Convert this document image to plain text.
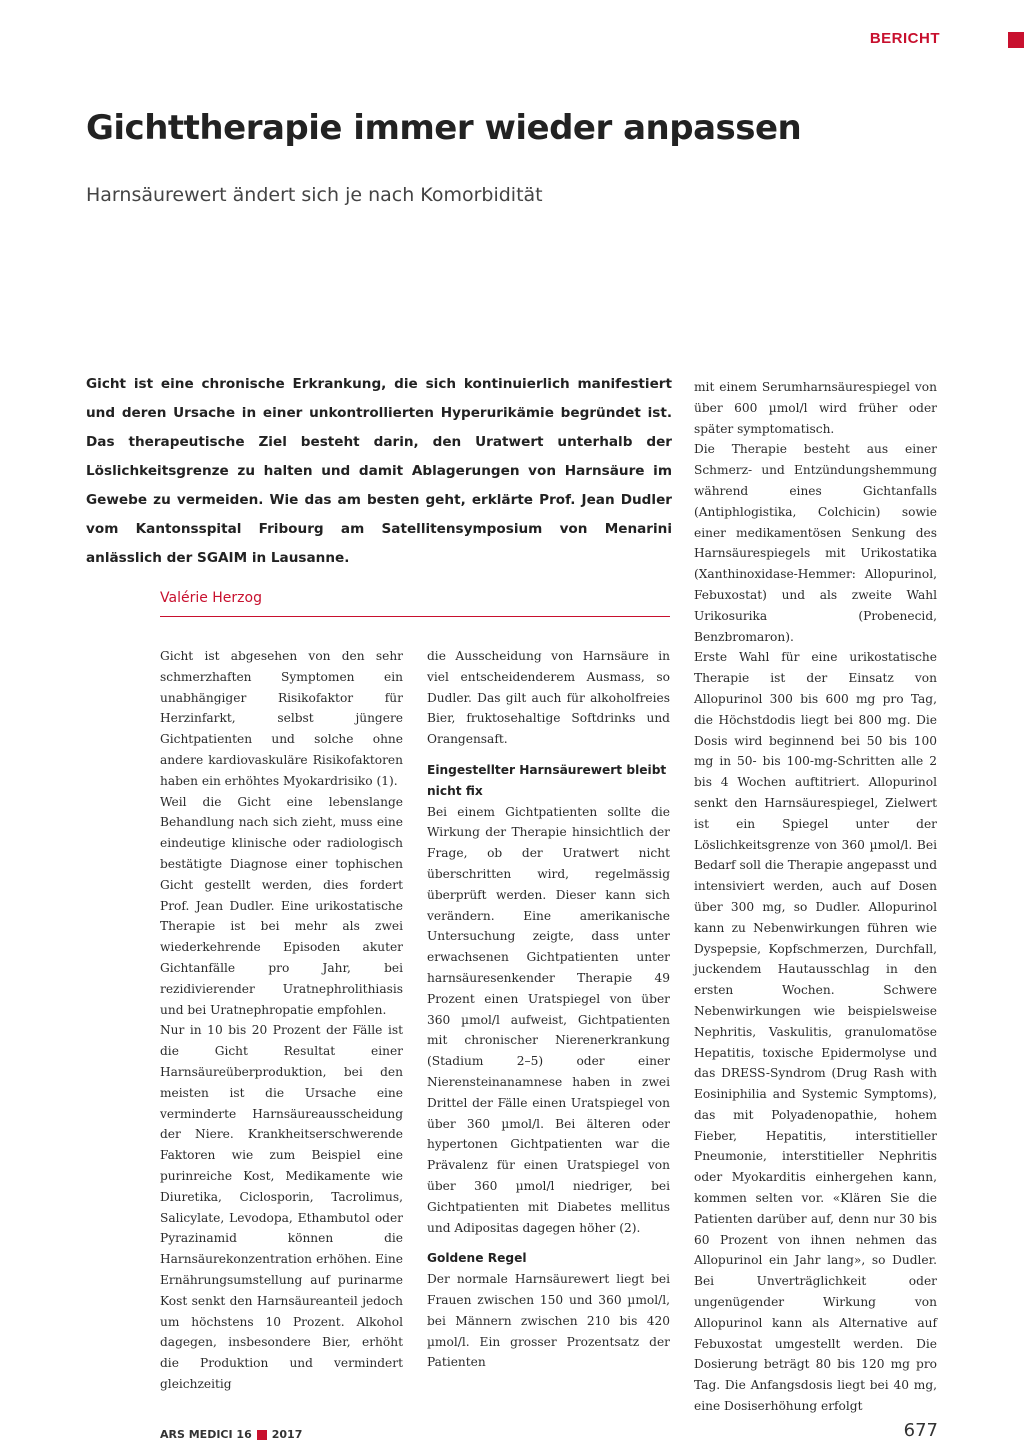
BERICHT
Gichttherapie immer wieder anpassen
Harnsäurewert ändert sich je nach Komorbidität

Gicht ist eine chronische Erkrankung, die sich kontinuierlich manifestiert und deren Ursache in einer unkontrollierten Hyperurikämie begründet ist. Das therapeutische Ziel besteht darin, den Uratwert unterhalb der Löslichkeitsgrenze zu halten und damit Ablagerungen von Harnsäure im Gewebe zu vermeiden. Wie das am besten geht, erklärte Prof. Jean Dudler vom Kantonsspital Fribourg am Satellitensymposium von Menarini anlässlich der SGAIM in Lausanne.

Valérie Herzog

Gicht ist abgesehen von den sehr schmerzhaften Symptomen ein unabhängiger Risikofaktor für Herzinfarkt, selbst jüngere Gichtpatienten und solche ohne andere kardiovaskuläre Risikofaktoren haben ein erhöhtes Myokardrisiko (1).

Weil die Gicht eine lebenslange Behandlung nach sich zieht, muss eine eindeutige klinische oder radiologisch bestätigte Diagnose einer tophischen Gicht gestellt werden, dies fordert Prof. Jean Dudler. Eine urikostatische Therapie ist bei mehr als zwei wiederkehrende Episoden akuter Gichtanfälle pro Jahr, bei rezidivierender Uratnephrolithiasis und bei Uratnephropatie empfohlen.

Nur in 10 bis 20 Prozent der Fälle ist die Gicht Resultat einer Harnsäureüberproduktion, bei den meisten ist die Ursache eine verminderte Harnsäureausscheidung der Niere. Krankheitserschwerende Faktoren wie zum Beispiel eine purinreiche Kost, Medikamente wie Diuretika, Ciclosporin, Tacrolimus, Salicylate, Levodopa, Ethambutol oder Pyrazinamid können die Harnsäurekonzentration erhöhen. Eine Ernährungsumstellung auf purinarme Kost senkt den Harnsäureanteil jedoch um höchstens 10 Prozent. Alkohol dagegen, insbesondere Bier, erhöht die Produktion und vermindert gleichzeitig

die Ausscheidung von Harnsäure in viel entscheidenderem Ausmass, so Dudler. Das gilt auch für alkoholfreies Bier, fruktosehaltige Softdrinks und Orangensaft.

Eingestellter Harnsäurewert bleibt nicht fix

Bei einem Gichtpatienten sollte die Wirkung der Therapie hinsichtlich der Frage, ob der Uratwert nicht überschritten wird, regelmässig überprüft werden. Dieser kann sich verändern. Eine amerikanische Untersuchung zeigte, dass unter erwachsenen Gichtpatienten unter harnsäuresenkender Therapie 49 Prozent einen Uratspiegel von über 360 µmol/l aufweist, Gichtpatienten mit chronischer Nierenerkrankung (Stadium 2–5) oder einer Nierensteinanamnese haben in zwei Drittel der Fälle einen Uratspiegel von über 360 µmol/l. Bei älteren oder hypertonen Gichtpatienten war die Prävalenz für einen Uratspiegel von über 360 µmol/l niedriger, bei Gichtpatienten mit Diabetes mellitus und Adipositas dagegen höher (2).

Goldene Regel

Der normale Harnsäurewert liegt bei Frauen zwischen 150 und 360 µmol/l, bei Männern zwischen 210 bis 420 µmol/l. Ein grosser Prozentsatz der Patienten

mit einem Serumharnsäurespiegel von über 600 µmol/l wird früher oder später symptomatisch.

Die Therapie besteht aus einer Schmerz- und Entzündungshemmung während eines Gichtanfalls (Antiphlogistika, Colchicin) sowie einer medikamentösen Senkung des Harnsäurespiegels mit Urikostatika (Xanthinoxidase-Hemmer: Allopurinol, Febuxostat) und als zweite Wahl Urikosurika (Probenecid, Benzbromaron).

Erste Wahl für eine urikostatische Therapie ist der Einsatz von Allopurinol 300 bis 600 mg pro Tag, die Höchstdodis liegt bei 800 mg. Die Dosis wird beginnend bei 50 bis 100 mg in 50- bis 100-mg-Schritten alle 2 bis 4 Wochen auftitriert. Allopurinol senkt den Harnsäurespiegel, Zielwert ist ein Spiegel unter der Löslichkeitsgrenze von 360 µmol/l. Bei Bedarf soll die Therapie angepasst und intensiviert werden, auch auf Dosen über 300 mg, so Dudler. Allopurinol kann zu Nebenwirkungen führen wie Dyspepsie, Kopfschmerzen, Durchfall, juckendem Hautausschlag in den ersten Wochen. Schwere Nebenwirkungen wie beispielsweise Nephritis, Vaskulitis, granulomatöse Hepatitis, toxische Epidermolyse und das DRESS-Syndrom (Drug Rash with Eosiniphilia and Systemic Symptoms), das mit Polyadenopathie, hohem Fieber, Hepatitis, interstitieller Pneumonie, interstitieller Nephritis oder Myokarditis einhergehen kann, kommen selten vor. «Klären Sie die Patienten darüber auf, denn nur 30 bis 60 Prozent von ihnen nehmen das Allopurinol ein Jahr lang», so Dudler. Bei Unverträglichkeit oder ungenügender Wirkung von Allopurinol kann als Alternative auf Febuxostat umgestellt werden. Die Dosierung beträgt 80 bis 120 mg pro Tag. Die Anfangsdosis liegt bei 40 mg, eine Dosiserhöhung erfolgt

ARS MEDICI 16 2017	677
